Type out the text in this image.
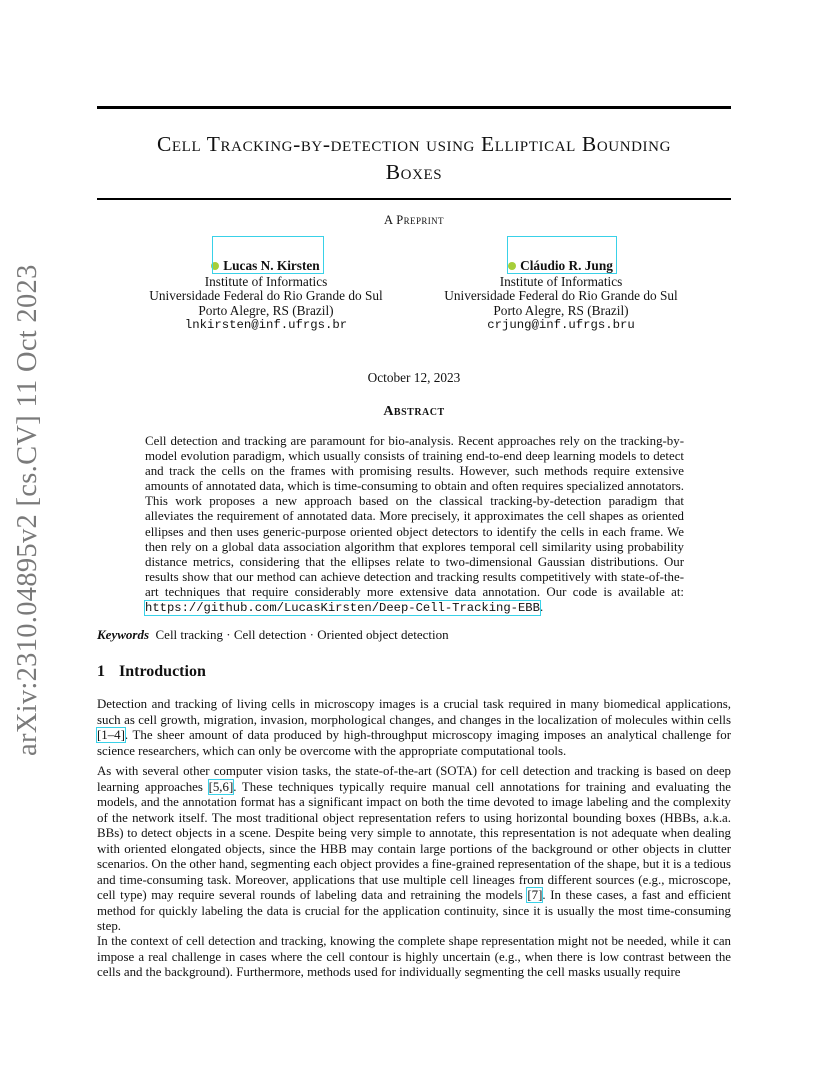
arXiv:2310.04895v2 [cs.CV] 11 Oct 2023
Cell Tracking-by-detection using Elliptical Bounding
Boxes
A Preprint
Lucas N. Kirsten
Institute of Informatics
Universidade Federal do Rio Grande do Sul
Porto Alegre, RS (Brazil)
lnkirsten@inf.ufrgs.br
Cláudio R. Jung
Institute of Informatics
Universidade Federal do Rio Grande do Sul
Porto Alegre, RS (Brazil)
crjung@inf.ufrgs.bru
October 12, 2023
Abstract
Cell detection and tracking are paramount for bio-analysis. Recent approaches rely on the tracking-by-model evolution paradigm, which usually consists of training end-to-end deep learning models to detect and track the cells on the frames with promising results. However, such methods require extensive amounts of annotated data, which is time-consuming to obtain and often requires specialized annotators. This work proposes a new approach based on the classical tracking-by-detection paradigm that alleviates the requirement of annotated data. More precisely, it approximates the cell shapes as oriented ellipses and then uses generic-purpose oriented object detectors to identify the cells in each frame. We then rely on a global data association algorithm that explores temporal cell similarity using probability distance metrics, considering that the ellipses relate to two-dimensional Gaussian distributions. Our results show that our method can achieve detection and tracking results competitively with state-of-the-art techniques that require considerably more extensive data annotation. Our code is available at: https://github.com/LucasKirsten/Deep-Cell-Tracking-EBB.
Keywords Cell tracking · Cell detection · Oriented object detection
1 Introduction
Detection and tracking of living cells in microscopy images is a crucial task required in many biomedical applications, such as cell growth, migration, invasion, morphological changes, and changes in the localization of molecules within cells [1–4]. The sheer amount of data produced by high-throughput microscopy imaging imposes an analytical challenge for science researchers, which can only be overcome with the appropriate computational tools.
As with several other computer vision tasks, the state-of-the-art (SOTA) for cell detection and tracking is based on deep learning approaches [5,6]. These techniques typically require manual cell annotations for training and evaluating the models, and the annotation format has a significant impact on both the time devoted to image labeling and the complexity of the network itself. The most traditional object representation refers to using horizontal bounding boxes (HBBs, a.k.a. BBs) to detect objects in a scene. Despite being very simple to annotate, this representation is not adequate when dealing with oriented elongated objects, since the HBB may contain large portions of the background or other objects in clutter scenarios. On the other hand, segmenting each object provides a fine-grained representation of the shape, but it is a tedious and time-consuming task. Moreover, applications that use multiple cell lineages from different sources (e.g., microscope, cell type) may require several rounds of labeling data and retraining the models [7]. In these cases, a fast and efficient method for quickly labeling the data is crucial for the application continuity, since it is usually the most time-consuming step.
In the context of cell detection and tracking, knowing the complete shape representation might not be needed, while it can impose a real challenge in cases where the cell contour is highly uncertain (e.g., when there is low contrast between the cells and the background). Furthermore, methods used for individually segmenting the cell masks usually require
